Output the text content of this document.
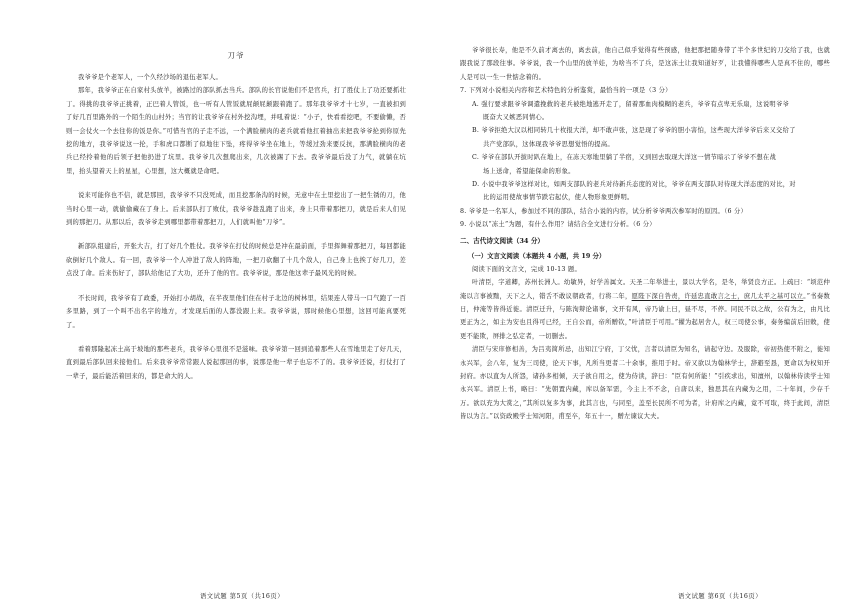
刀爷

我爷爷是个老军人，一个久经沙场的退伍老军人。

那年，我爷爷正在自家村头放羊，被路过的部队抓去当兵。部队的长官说他们不是官兵，打了胜仗上了功还要抓壮丁。得挑的我爷爷正挑着，正巴着人管饭，也一听有人管饭就屁颠屁颠跟着跑了。那年我爷爷才十七岁，一直被扣到了好几百里路外的一个陌生的山村外；当官的让我爷爷在村外挖沟埋，并吼着说：“小子，快看看挖吧，不要偷懒，否则一会仗火一个去往你的饭是你。”可惜当官的子走不远，一个满脸横肉的老兵就看他扛着抽出来把我爷爷抡到你原先挖的地方，我爷爷说这一抡，手和虎口都断了似地往下坠，疼得爷爷坐在地上，等缓过劲来要反抗，那满脸横肉的老兵已经拎着他的后领子把他扔进了坑里。我爷爷几次想爬出来，几次被踢了下去。我爷爷最后没了力气，就躺在坑里，抬头望着天上的星星，心里想，这大概就是命吧。

说来可能你也不信，就是那回，我爷爷不只没死成，而且挖那条沟的时候，无意中在土里挖出了一把生锈的刀，他当时心里一动，就偷偷藏在了身上。后来部队打了败仗，我爷爷趁乱跑了出来，身上只带着那把刀，就是后来人们见到的那把刀。从那以后，我爷爷走到哪里都带着那把刀，人们就叫他“刀爷”。

新部队组建后，开张大吉，打了好几个胜仗。我爷爷在打仗的时候总是冲在最前面，手里挥舞着那把刀，每回都能砍倒好几个敌人。有一回，我爷爷一个人冲进了敌人的阵地，一把刀砍翻了十几个敌人，自己身上也挨了好几刀，差点没了命。后来伤好了，部队给他记了大功，还升了他的官。我爷爷说，那是他这辈子最风光的时候。

不长时间，我爷爷有了政委，开始打小胡战，在半夜里他们住在村子北边的树林里，结果连人带马一口气跑了一百多里路，到了一个叫不出名字的地方，才发现后面的人都没跟上来。我爷爷说，那时候他心里想，这回可能真要死了。

看着那隆起冻土高于坡地的那些老兵，我爷爷心里很不是滋味。我爷爷第一回到追着那些人在雪地里走了好几天，直到最后部队回来接他们。后来我爷爷常常跟人说起那回的事，说那是他一辈子也忘不了的。我爷爷还说，打仗打了一辈子，最后能活着回来的，都是命大的人。

语文试题 第5页（共16页）

爷爷很长寿，他是不久前才离去的，离去前，他自己似乎觉得有些预感，他把那把随身带了半个多世纪的刀交给了我，也就跟我说了那段往事。爷爷说，我一个山里的放羊娃，为啥当不了兵，是这冻土让我知道好歹，让我懂得哪些人是真不住的，哪些人是可以一生一世惦念着的。

7. 下列对小说相关内容和艺术特色的分析鉴赏，最恰当的一项是（3 分）

A. 强行要求跟爷爷调遣挽救的老兵被绝地逃开走了，留着那血肉模糊的老兵，爷爷有点卑无乐扇，这说明爷爷
既奋大又嫉恶同情心。

B. 爷爷拒绝大汉以相同转几十枚报大洋，却不敢声张，这是现了爷爷的胆小害怕，这些现大洋爷爷后来又交给了
共产党部队，这体现我爷爷思想觉悟的提高。

C. 爷爷在部队开拔时趴在地上，在冻天寒地里躺了半宿，又到回去取现大洋这一情节暗示了爷爷不想在战
场上送命，希望能保命的形象。

D. 小说中我爷爷这样对比，如两支部队的老兵对待新兵态度的对比，爷爷在两支部队对待现大洋态度的对比，对
比的运用使故事情节跌宕起伏，使人物形象更鲜明。

8. 爷爷是一名军人，参加过不同的部队，结合小说的内容，试分析爷爷两次参军时的原因。（6 分）

9. 小说以“冻土”为题，有什么作用？请结合全文进行分析。（6 分）

二、古代诗文阅读（34 分）
（一）文言文阅读（本题共 4 小题，共 19 分）

阅读下面的文言文，完成 10-13 题。

叶清臣，字道卿，苏州长洲人。幼敏异，好学善属文。天圣二年举进士，景以大学名，是冬，举贤良方正。上疏曰：“顷范仲淹以言事被黜，天下之人，错舌不敢议朝政者，行将二年，愿陛下深自咎责，许延忠直敢言之士，庶几太平之基可以立。”书奏数日，仲淹等皆得近徙。清臣迁升，与陈洵辩论诸事，文开有风，帝乃谕上曰，昼不尽，不停。同民不以之故，公有为之，由凡比更正为之，如主为安也且得可已经，王自公而，帝所赠钦，”叶清臣于可用。”擢为起居舍人，权三司使公事，奏务编前后旧敕，使更不能欺，屏排之弘定者，一切删去。

清臣与宋庠修相善，为吕夷简所忌，出知江宁府，丁父忧，言者以清臣为知名，请起守边。及服除，帝初热使不附之，徙知永兴军，会八年，复为三司使，论天下事，凡所当更者二十余事，推用于时。帝又欲以为翰林学士，辞避至恳，更命以为权知开封府。亦以直为人所怨，诸孙多相倾，天子欲自用之，使为侍读，辞曰：“臣有何所能！”引疾求出，知澶州，以翰林侍读学士知永兴军。清臣上书，略曰：“先朝置内藏，库以备军需，今主上不不念，自唐以来，独思其在内藏为之用，二十年间，少存千万。欲以充为大赏之，”其所以复多为事，此其言也，与同至，盖至长民所不可为者，计府库之内藏，竟不可取，终于此间，清臣皆以为言。”以资政殿学士知河阳，甫至卒，年五十一，赠左谏议大夫。

语文试题 第6页（共16页）
